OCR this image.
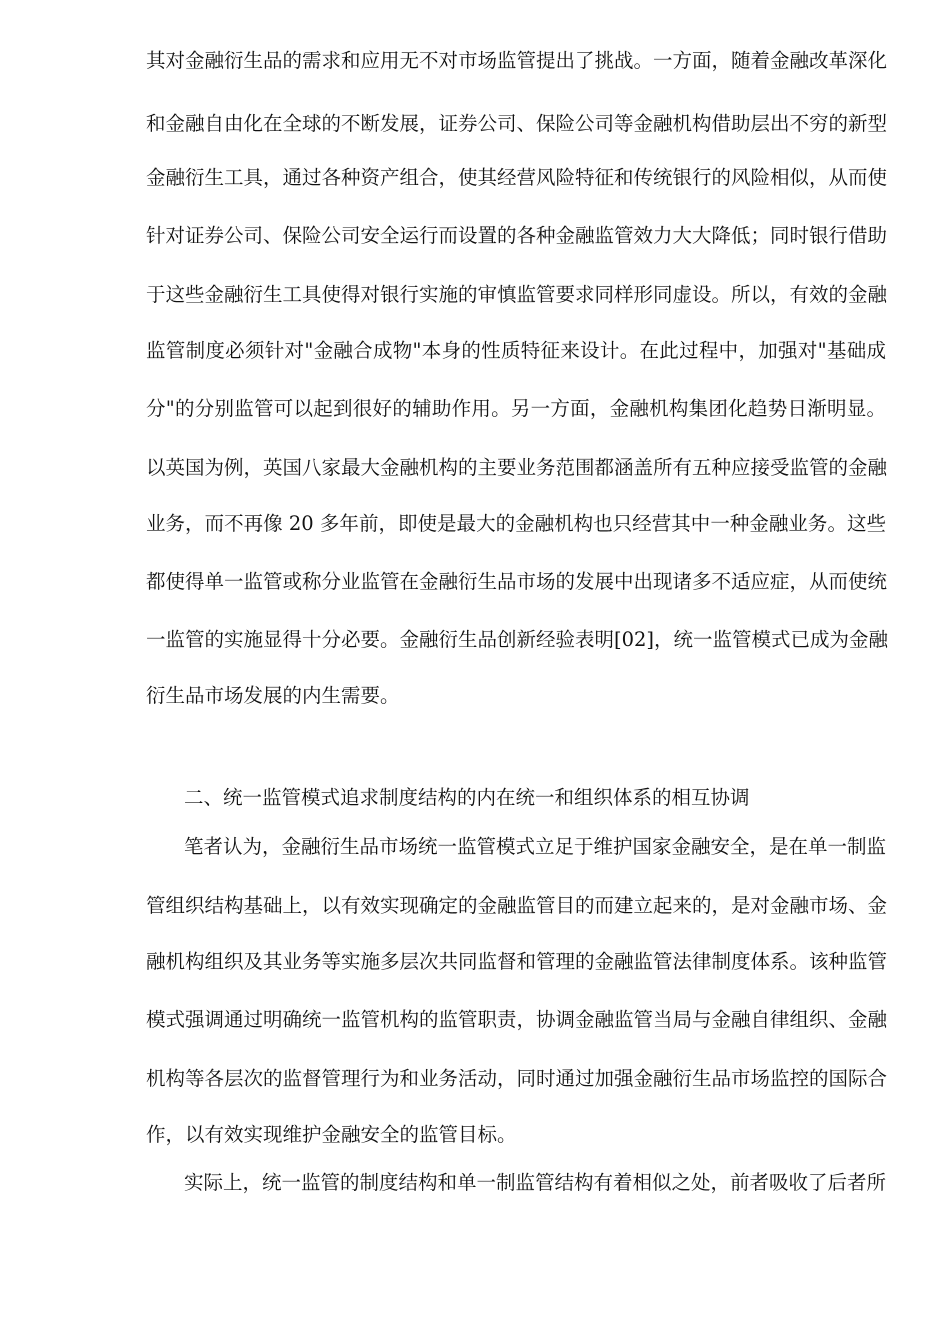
其对金融衍生品的需求和应用无不对市场监管提出了挑战。一方面，随着金融改革深化
和金融自由化在全球的不断发展，证券公司、保险公司等金融机构借助层出不穷的新型
金融衍生工具，通过各种资产组合，使其经营风险特征和传统银行的风险相似，从而使
针对证券公司、保险公司安全运行而设置的各种金融监管效力大大降低；同时银行借助
于这些金融衍生工具使得对银行实施的审慎监管要求同样形同虚设。所以，有效的金融
监管制度必须针对"金融合成物"本身的性质特征来设计。在此过程中，加强对"基础成
分"的分别监管可以起到很好的辅助作用。另一方面，金融机构集团化趋势日渐明显。
以英国为例，英国八家最大金融机构的主要业务范围都涵盖所有五种应接受监管的金融
业务，而不再像 20 多年前，即使是最大的金融机构也只经营其中一种金融业务。这些
都使得单一监管或称分业监管在金融衍生品市场的发展中出现诸多不适应症，从而使统
一监管的实施显得十分必要。金融衍生品创新经验表明[02]，统一监管模式已成为金融
衍生品市场发展的内生需要。
二、统一监管模式追求制度结构的内在统一和组织体系的相互协调
笔者认为，金融衍生品市场统一监管模式立足于维护国家金融安全，是在单一制监
管组织结构基础上，以有效实现确定的金融监管目的而建立起来的，是对金融市场、金
融机构组织及其业务等实施多层次共同监督和管理的金融监管法律制度体系。该种监管
模式强调通过明确统一监管机构的监管职责，协调金融监管当局与金融自律组织、金融
机构等各层次的监督管理行为和业务活动，同时通过加强金融衍生品市场监控的国际合
作，以有效实现维护金融安全的监管目标。
实际上，统一监管的制度结构和单一制监管结构有着相似之处，前者吸收了后者所
